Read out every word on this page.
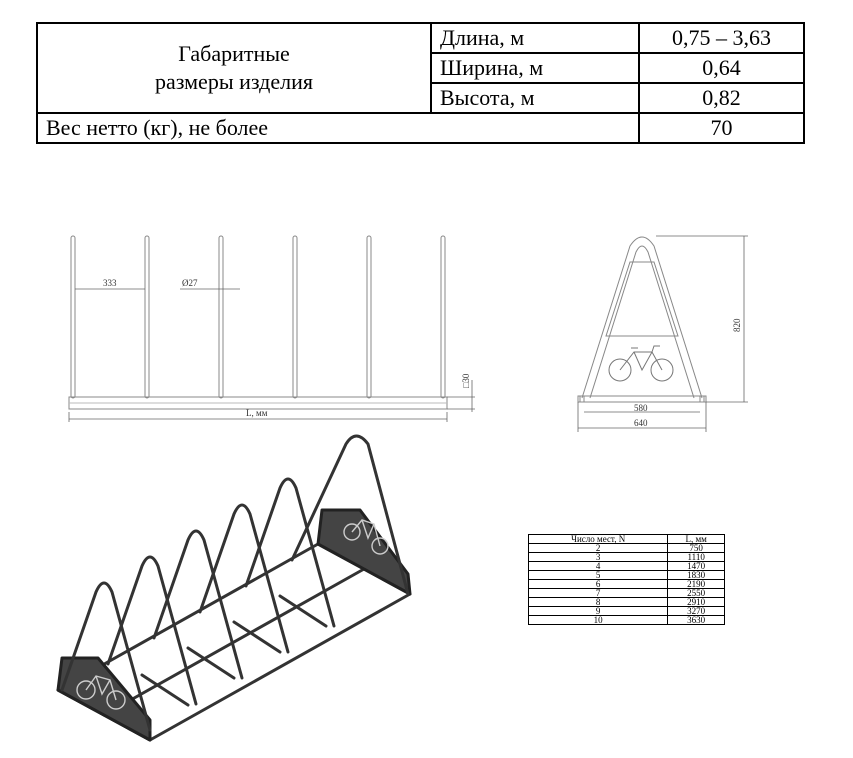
Габаритные
размеры изделия	Длина, м	0,75 – 3,63
	Ширина, м	0,64
	Высота, м	0,82
Вес нетто (кг), не более		70
333	Ø27
□30
L, мм
820
580
640
Число мест, N	L, мм
2	750
3	1110
4	1470
5	1830
6	2190
7	2550
8	2910
9	3270
10	3630
